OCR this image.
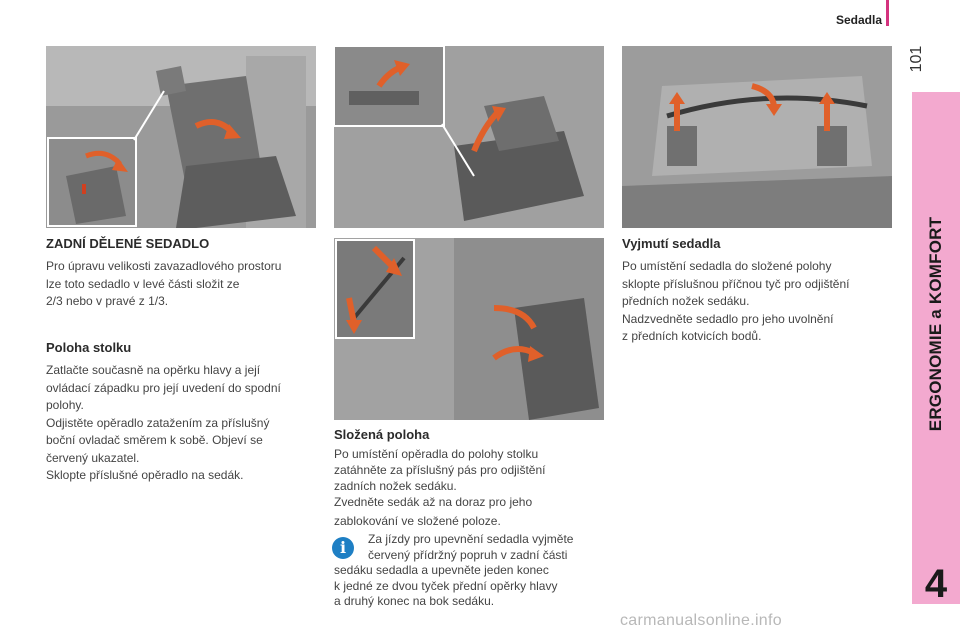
Sedadla
101
ERGONOMIE a KOMFORT
4
ZADNÍ DĚLENÉ SEDADLO

Pro úpravu velikosti zavazadlového prostoru

lze toto sedadlo v levé části složit ze

2/3 nebo v pravé z 1/3.

Poloha stolku

Zatlačte současně na opěrku hlavy a její

ovládací západku pro její uvedení do spodní

polohy.

Odjistěte opěradlo zatažením za příslušný

boční ovladač směrem k sobě. Objeví se

červený ukazatel.

Sklopte příslušné opěradlo na sedák.

Složená poloha

Po umístění opěradla do polohy stolku

zatáhněte za příslušný pás pro odjištění

zadních nožek sedáku.

Zvedněte sedák až na doraz pro jeho

zablokování ve složené poloze.

i	Za jízdy pro upevnění sedadla vyjměte

červený přídržný popruh v zadní části

sedáku sedadla a upevněte jeden konec

k jedné ze dvou tyček přední opěrky hlavy

a druhý konec na bok sedáku.

Vyjmutí sedadla

Po umístění sedadla do složené polohy

sklopte příslušnou příčnou tyč pro odjištění

předních nožek sedáku.

Nadzvedněte sedadlo pro jeho uvolnění

z předních kotvicích bodů.

carmanualsonline.info
